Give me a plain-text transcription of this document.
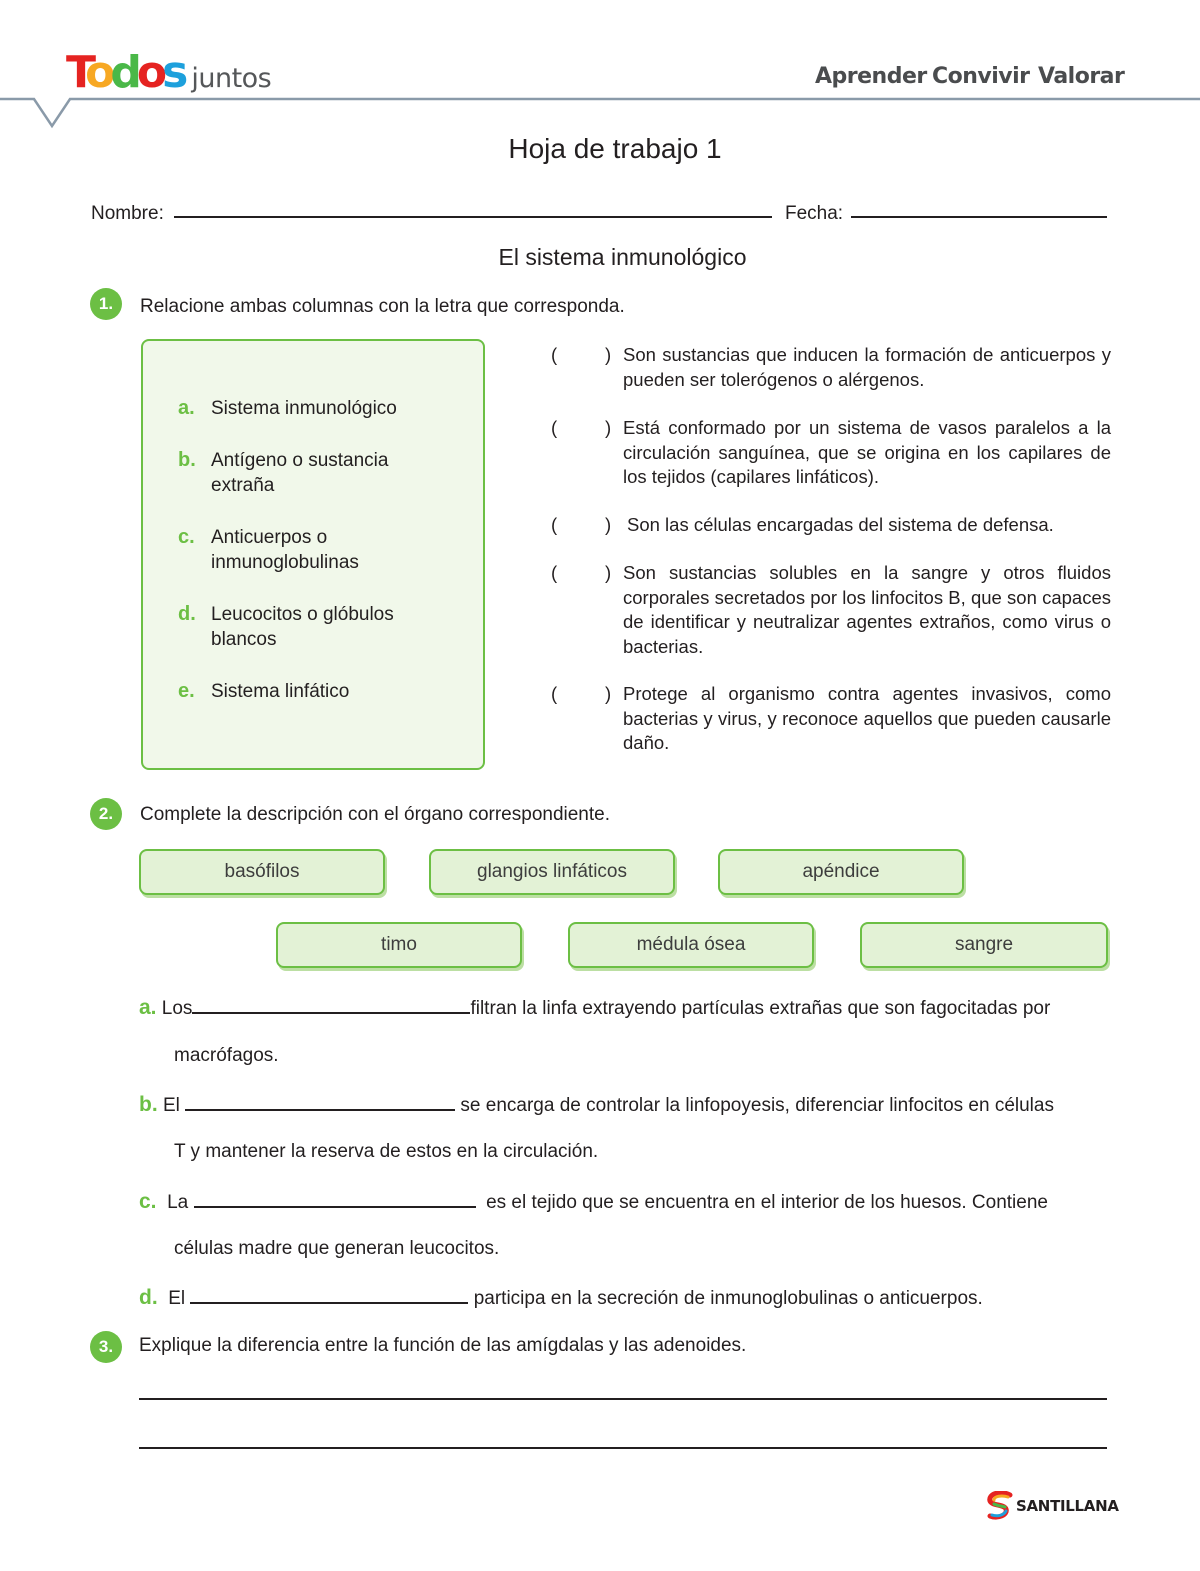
Todos juntos	Aprender Convivir Valorar
Hoja de trabajo 1
Nombre:	Fecha:
El sistema inmunológico
1.	Relacione ambas columnas con la letra que corresponda.
a. Sistema inmunológico
b. Antígeno o sustancia extraña
c. Anticuerpos o inmunoglobulinas
d. Leucocitos o glóbulos blancos
e. Sistema linfático
( )
Son sustancias que inducen la formación de anticuerpos y pueden ser tolerógenos o alérgenos.
( )
Está conformado por un sistema de vasos paralelos a la circulación sanguínea, que se origina en los capilares de los tejidos (capilares linfáticos).
( )
Son las células encargadas del sistema de defensa.
( )
Son sustancias solubles en la sangre y otros fluidos corporales secretados por los linfocitos B, que son capaces de identificar y neutralizar agentes extraños, como virus o bacterias.
( )
Protege al organismo contra agentes invasivos, como bacterias y virus, y reconoce aquellos que pueden causarle daño.
2.	Complete la descripción con el órgano correspondiente.
basófilos	glangios linfáticos	apéndice
timo	médula ósea	sangre
a. Los	filtran la linfa extrayendo partículas extrañas que son fagocitadas por
macrófagos.
b. El	se encarga de controlar la linfopoyesis, diferenciar linfocitos en células
T y mantener la reserva de estos en la circulación.
c. La	es el tejido que se encuentra en el interior de los huesos. Contiene
células madre que generan leucocitos.
d. El	participa en la secreción de inmunoglobulinas o anticuerpos.
3.	Explique la diferencia entre la función de las amígdalas y las adenoides.
SANTILLANA
